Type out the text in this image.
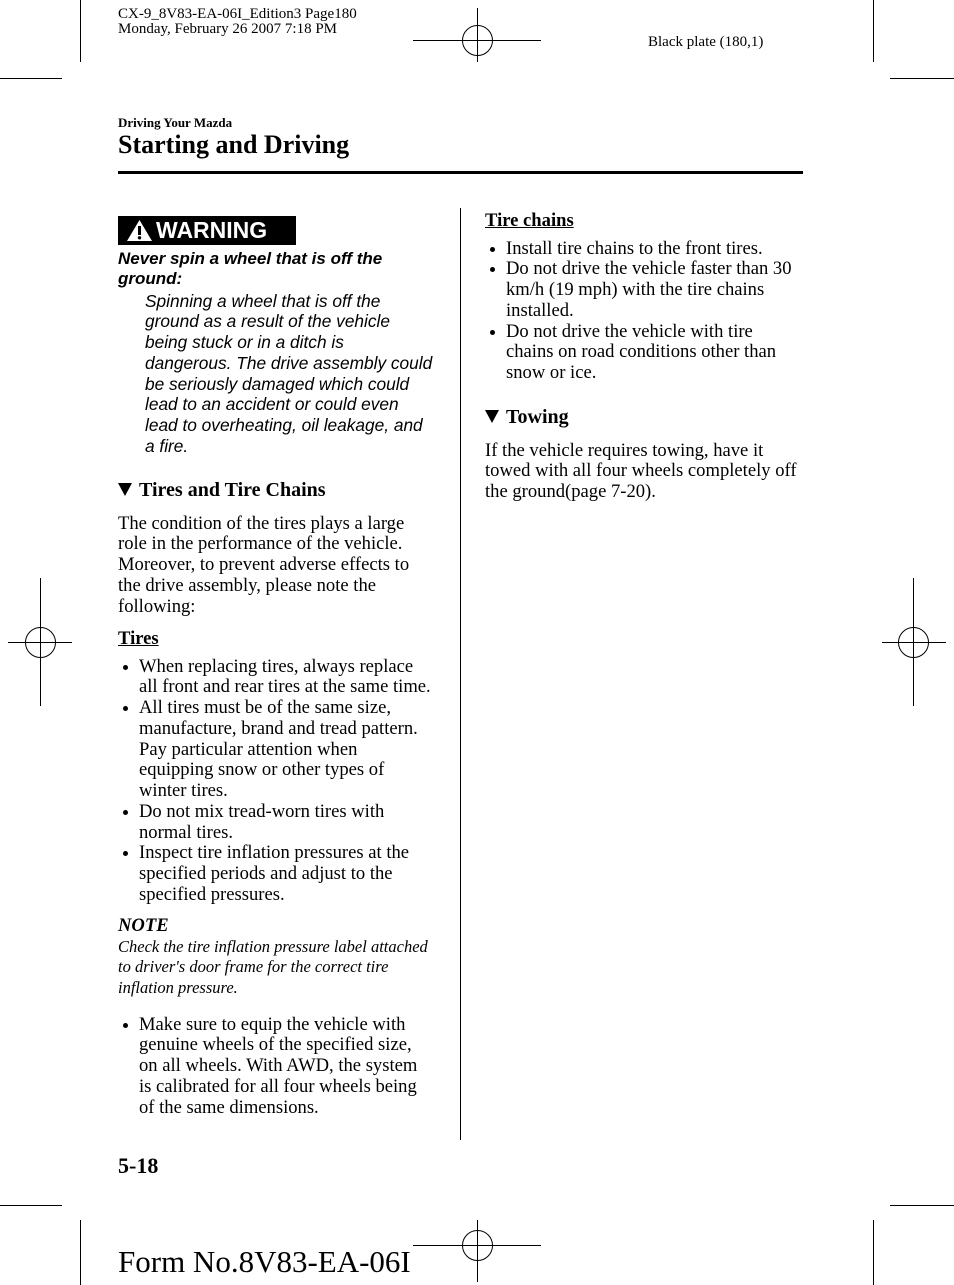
CX-9_8V83-EA-06I_Edition3 Page180
Monday, February 26 2007 7:18 PM
Black plate (180,1)
Driving Your Mazda
Starting and Driving
WARNING
Never spin a wheel that is off the
ground:
Spinning a wheel that is off the
ground as a result of the vehicle
being stuck or in a ditch is
dangerous. The drive assembly could
be seriously damaged which could
lead to an accident or could even
lead to overheating, oil leakage, and
a fire.
Tires and Tire Chains
The condition of the tires plays a large
role in the performance of the vehicle.
Moreover, to prevent adverse effects to
the drive assembly, please note the
following:
Tires
When replacing tires, always replace
all front and rear tires at the same time.
All tires must be of the same size,
manufacture, brand and tread pattern.
Pay particular attention when
equipping snow or other types of
winter tires.
Do not mix tread-worn tires with
normal tires.
Inspect tire inflation pressures at the
specified periods and adjust to the
specified pressures.
NOTE
Check the tire inflation pressure label attached
to driver's door frame for the correct tire
inflation pressure.
Make sure to equip the vehicle with
genuine wheels of the specified size,
on all wheels. With AWD, the system
is calibrated for all four wheels being
of the same dimensions.
Tire chains
Install tire chains to the front tires.
Do not drive the vehicle faster than 30
km/h (19 mph) with the tire chains
installed.
Do not drive the vehicle with tire
chains on road conditions other than
snow or ice.
Towing
If the vehicle requires towing, have it
towed with all four wheels completely off
the ground(page 7-20).
5-18
Form No.8V83-EA-06I
